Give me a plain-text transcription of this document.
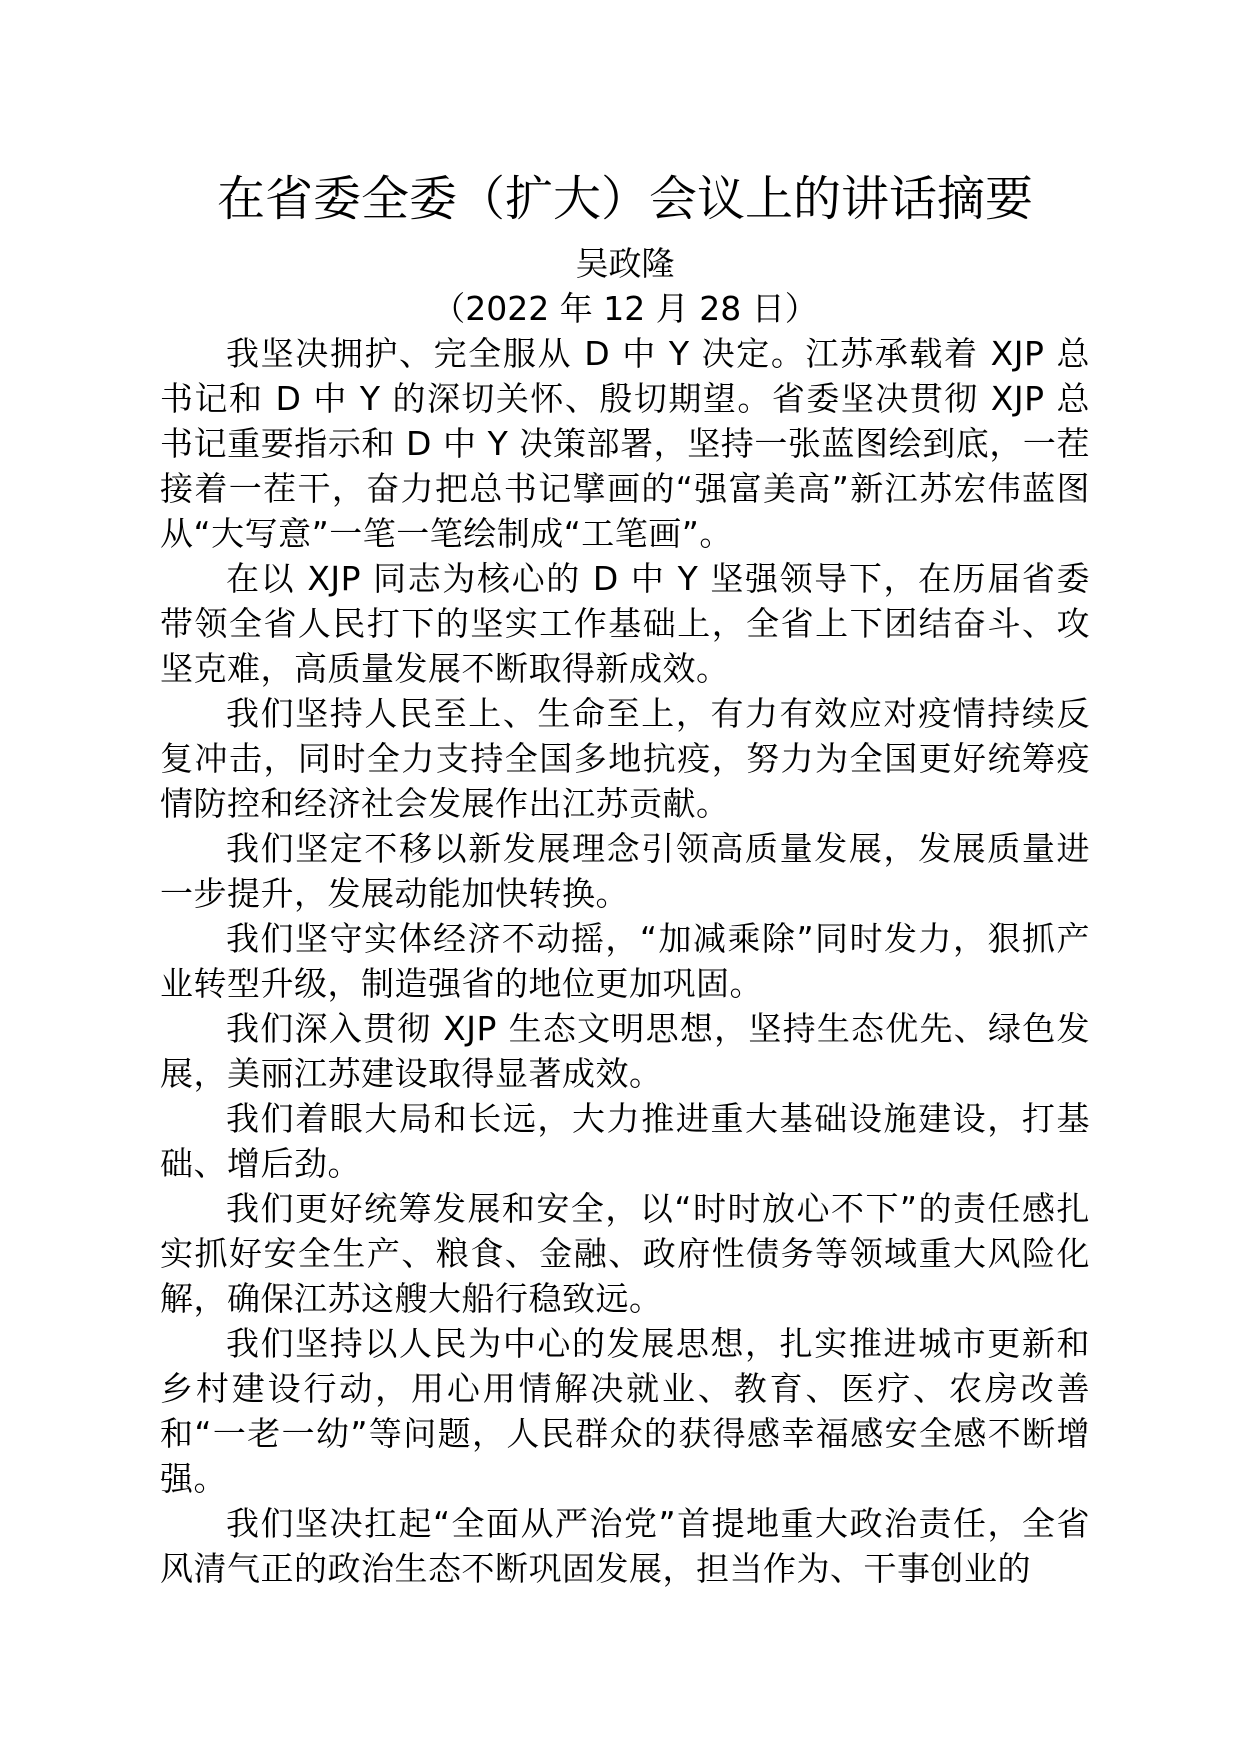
在省委全委（扩大）会议上的讲话摘要

吴政隆

（2022 年 12 月 28 日）

我坚决拥护、完全服从 D 中 Y 决定。江苏承载着 XJP 总书记和 D 中 Y 的深切关怀、殷切期望。省委坚决贯彻 XJP 总书记重要指示和 D 中 Y 决策部署，坚持一张蓝图绘到底，一茬接着一茬干，奋力把总书记擘画的“强富美高”新江苏宏伟蓝图从“大写意”一笔一笔绘制成“工笔画”。

在以 XJP 同志为核心的 D 中 Y 坚强领导下，在历届省委带领全省人民打下的坚实工作基础上，全省上下团结奋斗、攻坚克难，高质量发展不断取得新成效。

我们坚持人民至上、生命至上，有力有效应对疫情持续反复冲击，同时全力支持全国多地抗疫，努力为全国更好统筹疫情防控和经济社会发展作出江苏贡献。

我们坚定不移以新发展理念引领高质量发展，发展质量进一步提升，发展动能加快转换。

我们坚守实体经济不动摇，“加减乘除”同时发力，狠抓产业转型升级，制造强省的地位更加巩固。

我们深入贯彻 XJP 生态文明思想，坚持生态优先、绿色发展，美丽江苏建设取得显著成效。

我们着眼大局和长远，大力推进重大基础设施建设，打基础、增后劲。

我们更好统筹发展和安全，以“时时放心不下”的责任感扎实抓好安全生产、粮食、金融、政府性债务等领域重大风险化解，确保江苏这艘大船行稳致远。

我们坚持以人民为中心的发展思想，扎实推进城市更新和乡村建设行动，用心用情解决就业、教育、医疗、农房改善和“一老一幼”等问题，人民群众的获得感幸福感安全感不断增强。

我们坚决扛起“全面从严治党”首提地重大政治责任，全省风清气正的政治生态不断巩固发展，担当作为、干事创业的
